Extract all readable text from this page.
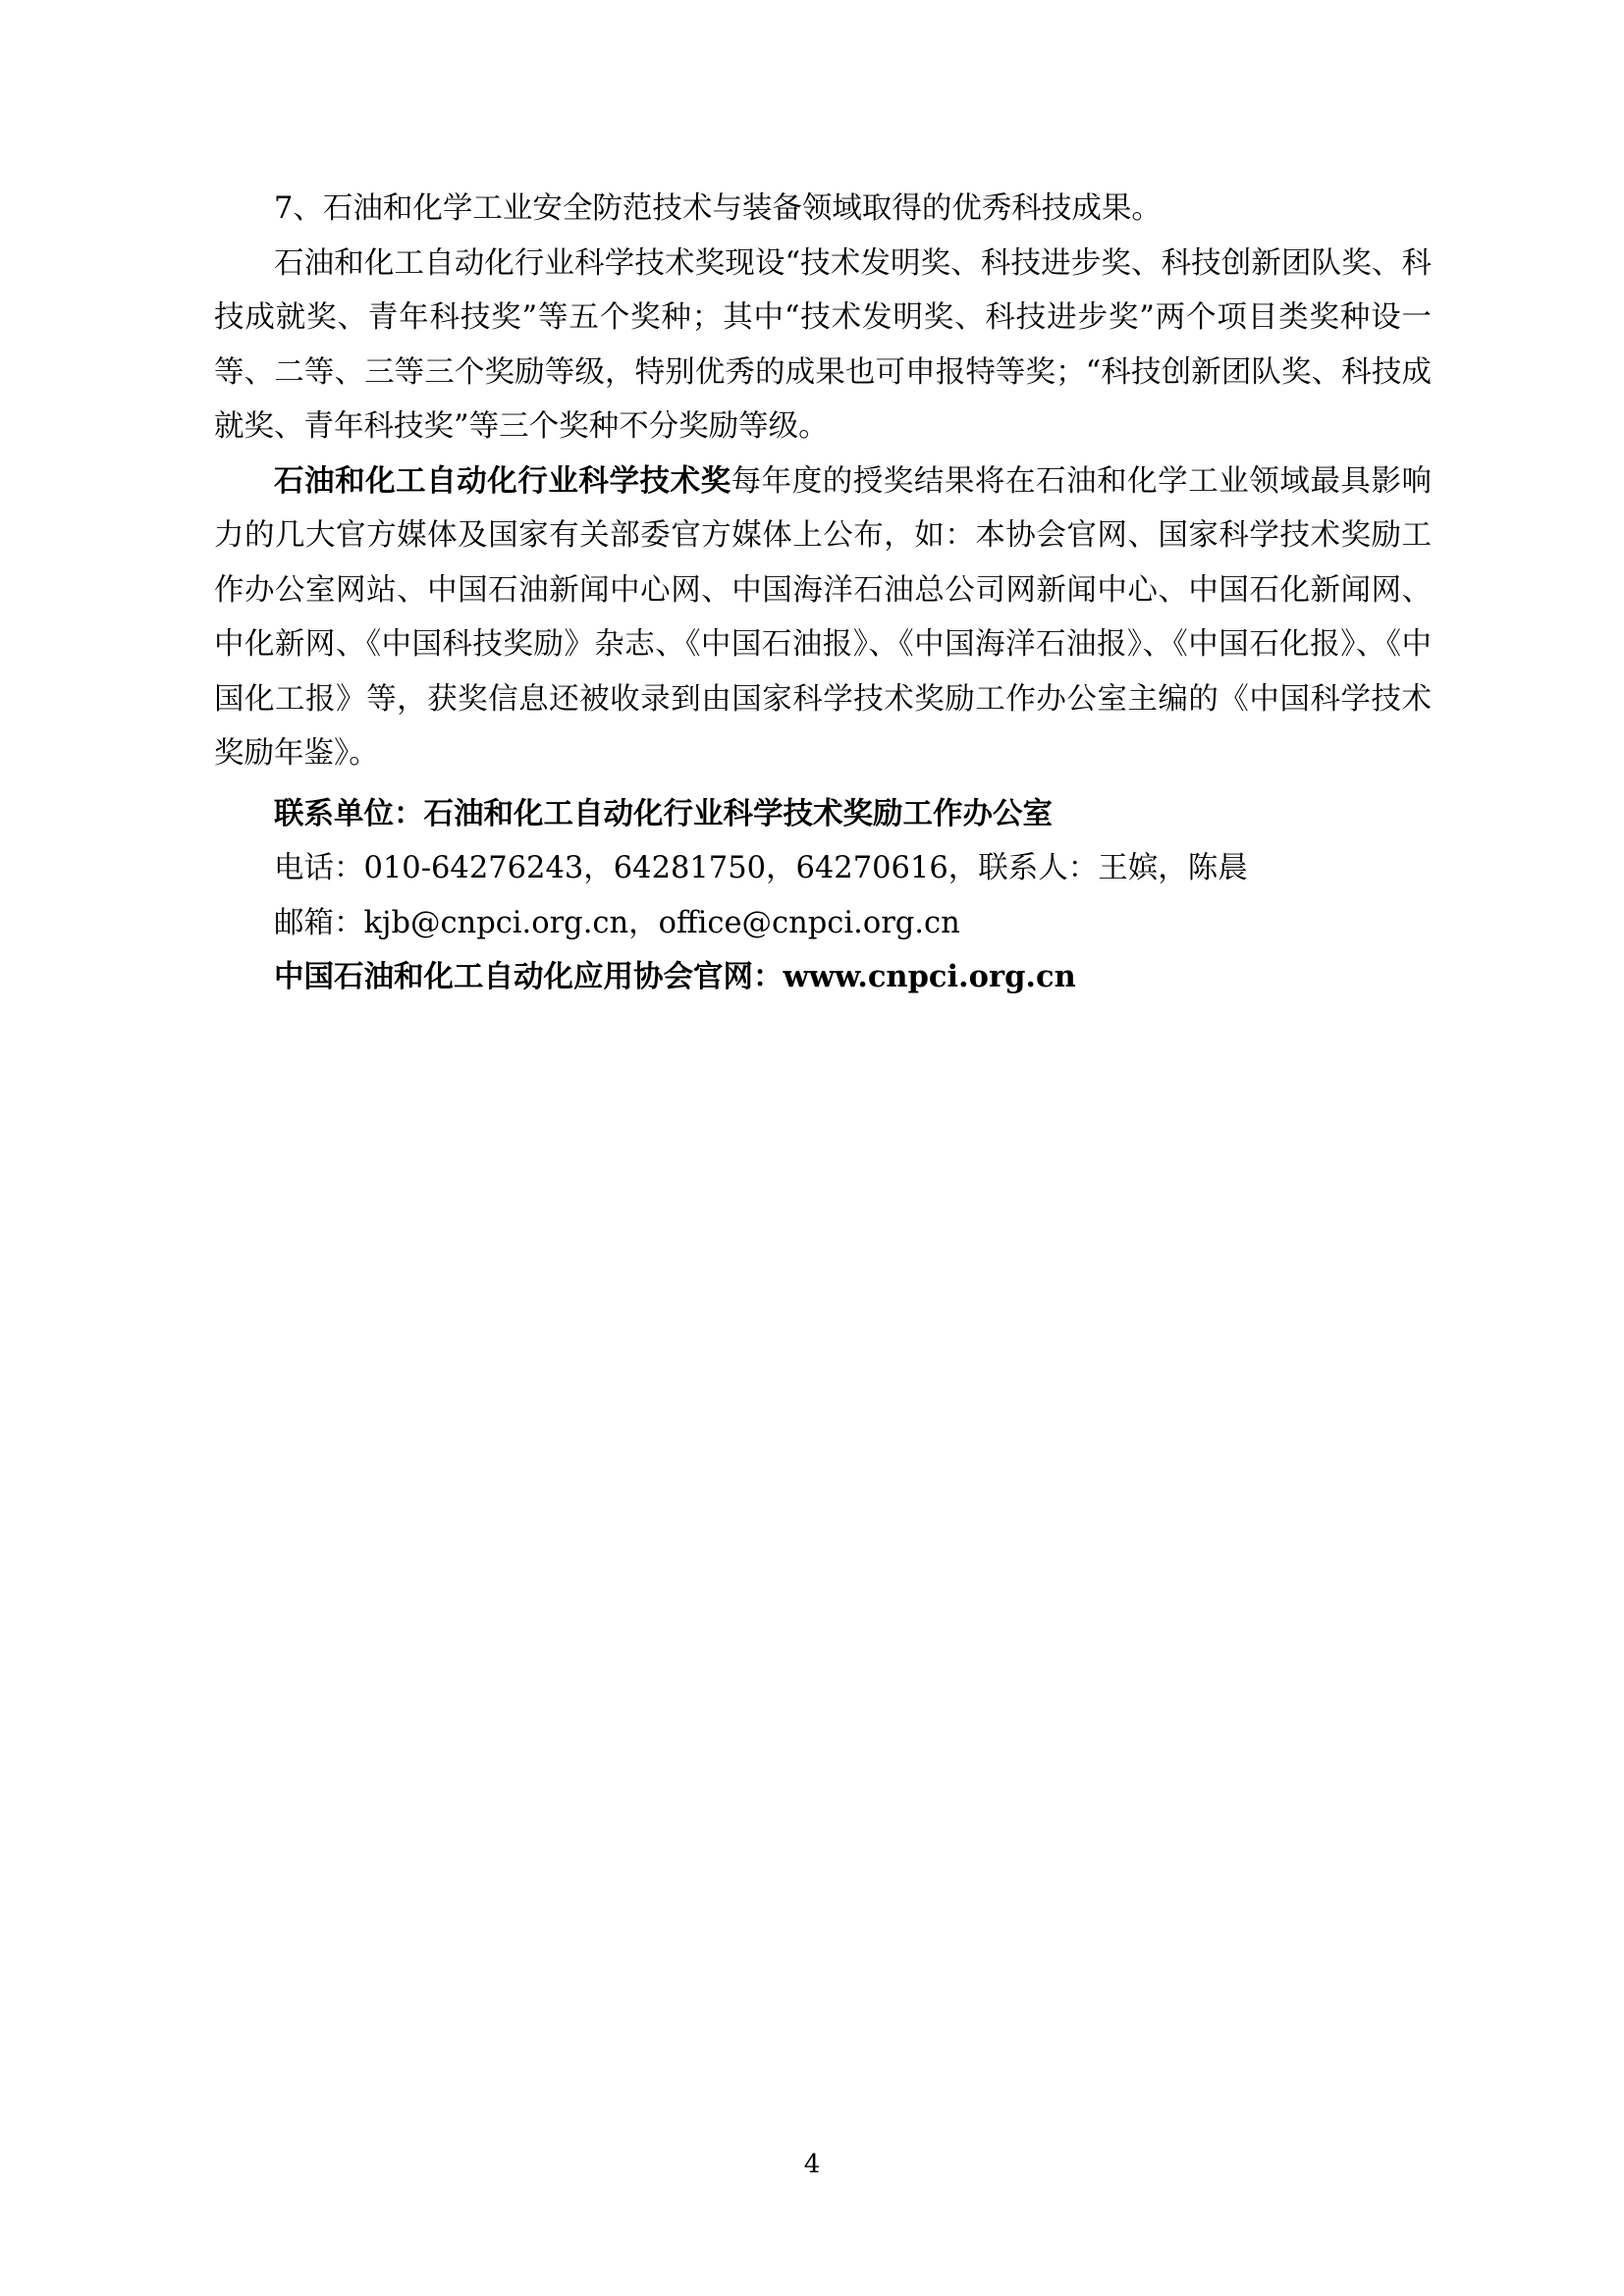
7、石油和化学工业安全防范技术与装备领域取得的优秀科技成果。

石油和化工自动化行业科学技术奖现设“技术发明奖、科技进步奖、科技创新团队奖、科技成就奖、青年科技奖”等五个奖种；其中“技术发明奖、科技进步奖”两个项目类奖种设一等、二等、三等三个奖励等级，特别优秀的成果也可申报特等奖；“科技创新团队奖、科技成就奖、青年科技奖”等三个奖种不分奖励等级。

石油和化工自动化行业科学技术奖每年度的授奖结果将在石油和化学工业领域最具影响力的几大官方媒体及国家有关部委官方媒体上公布，如：本协会官网、国家科学技术奖励工作办公室网站、中国石油新闻中心网、中国海洋石油总公司网新闻中心、中国石化新闻网、中化新网、《中国科技奖励》杂志、《中国石油报》、《中国海洋石油报》、《中国石化报》、《中国化工报》等，获奖信息还被收录到由国家科学技术奖励工作办公室主编的《中国科学技术奖励年鉴》。

联系单位：石油和化工自动化行业科学技术奖励工作办公室

电话：010-64276243，64281750，64270616，联系人：王嫔，陈晨

邮箱：kjb@cnpci.org.cn，office@cnpci.org.cn

中国石油和化工自动化应用协会官网：www.cnpci.org.cn

4
